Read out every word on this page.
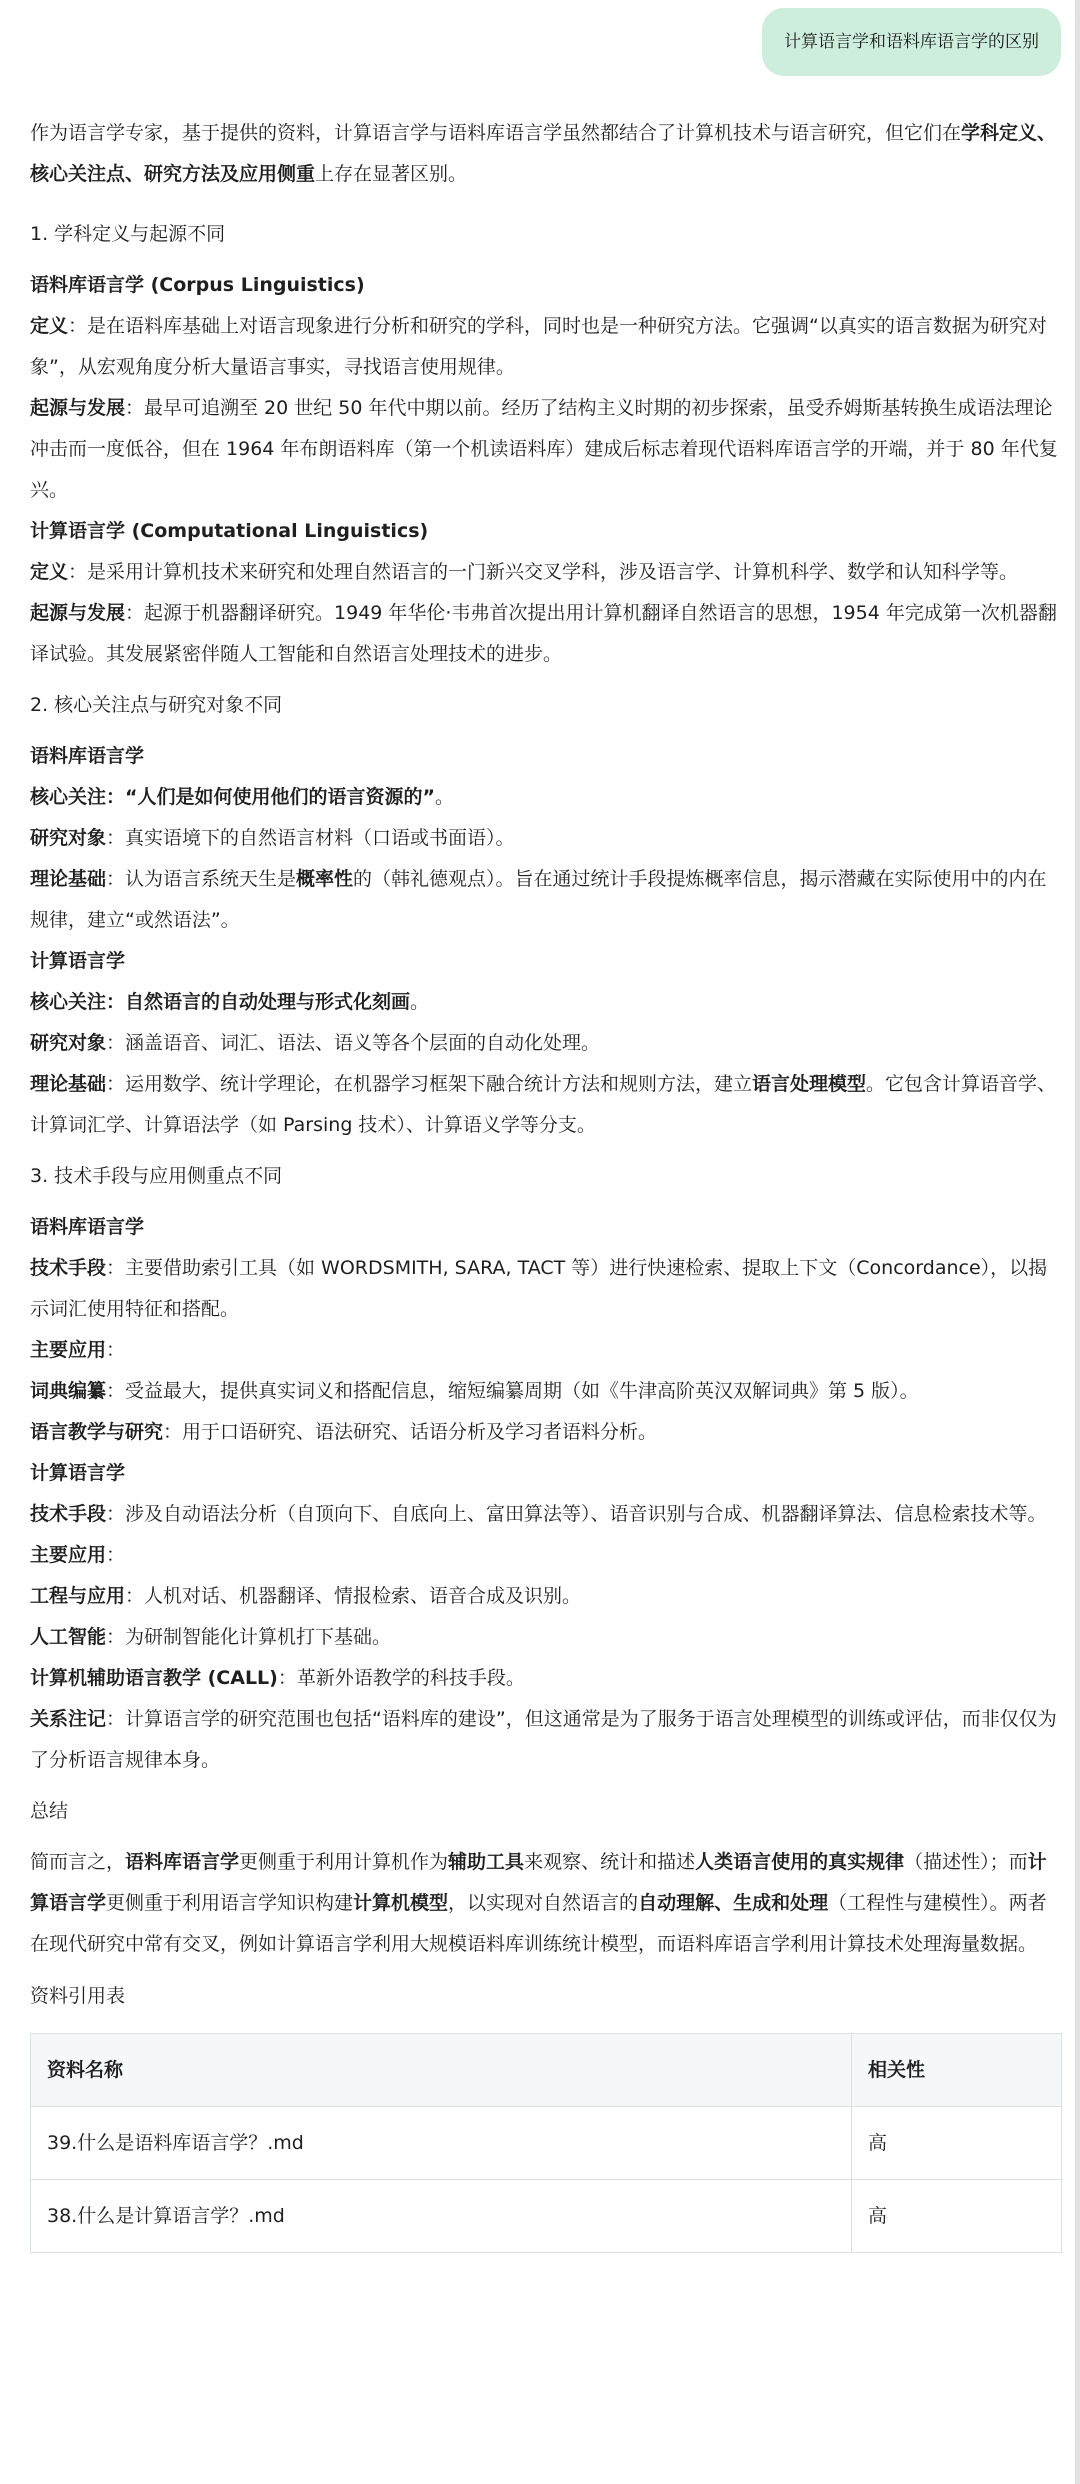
计算语言学和语料库语言学的区别

作为语言学专家，基于提供的资料，计算语言学与语料库语言学虽然都结合了计算机技术与语言研究，但它们在学科定义、核心关注点、研究方法及应用侧重上存在显著区别。

1. 学科定义与起源不同

语料库语言学 (Corpus Linguistics)

定义：是在语料库基础上对语言现象进行分析和研究的学科，同时也是一种研究方法。它强调“以真实的语言数据为研究对象”，从宏观角度分析大量语言事实，寻找语言使用规律。

起源与发展：最早可追溯至 20 世纪 50 年代中期以前。经历了结构主义时期的初步探索，虽受乔姆斯基转换生成语法理论冲击而一度低谷，但在 1964 年布朗语料库（第一个机读语料库）建成后标志着现代语料库语言学的开端，并于 80 年代复兴。

计算语言学 (Computational Linguistics)

定义：是采用计算机技术来研究和处理自然语言的一门新兴交叉学科，涉及语言学、计算机科学、数学和认知科学等。

起源与发展：起源于机器翻译研究。1949 年华伦·韦弗首次提出用计算机翻译自然语言的思想，1954 年完成第一次机器翻译试验。其发展紧密伴随人工智能和自然语言处理技术的进步。

2. 核心关注点与研究对象不同

语料库语言学

核心关注：“人们是如何使用他们的语言资源的”。

研究对象：真实语境下的自然语言材料（口语或书面语）。

理论基础：认为语言系统天生是概率性的（韩礼德观点）。旨在通过统计手段提炼概率信息，揭示潜藏在实际使用中的内在规律，建立“或然语法”。

计算语言学

核心关注：自然语言的自动处理与形式化刻画。

研究对象：涵盖语音、词汇、语法、语义等各个层面的自动化处理。

理论基础：运用数学、统计学理论，在机器学习框架下融合统计方法和规则方法，建立语言处理模型。它包含计算语音学、计算词汇学、计算语法学（如 Parsing 技术）、计算语义学等分支。

3. 技术手段与应用侧重点不同

语料库语言学

技术手段：主要借助索引工具（如 WORDSMITH, SARA, TACT 等）进行快速检索、提取上下文（Concordance），以揭示词汇使用特征和搭配。

主要应用：

词典编纂：受益最大，提供真实词义和搭配信息，缩短编纂周期（如《牛津高阶英汉双解词典》第 5 版）。

语言教学与研究：用于口语研究、语法研究、话语分析及学习者语料分析。

计算语言学

技术手段：涉及自动语法分析（自顶向下、自底向上、富田算法等）、语音识别与合成、机器翻译算法、信息检索技术等。

主要应用：

工程与应用：人机对话、机器翻译、情报检索、语音合成及识别。

人工智能：为研制智能化计算机打下基础。

计算机辅助语言教学 (CALL)：革新外语教学的科技手段。

关系注记：计算语言学的研究范围也包括“语料库的建设”，但这通常是为了服务于语言处理模型的训练或评估，而非仅仅为了分析语言规律本身。

总结

简而言之，语料库语言学更侧重于利用计算机作为辅助工具来观察、统计和描述人类语言使用的真实规律（描述性）；而计算语言学更侧重于利用语言学知识构建计算机模型，以实现对自然语言的自动理解、生成和处理（工程性与建模性）。两者在现代研究中常有交叉，例如计算语言学利用大规模语料库训练统计模型，而语料库语言学利用计算技术处理海量数据。

资料引用表

资料名称	相关性
39.什么是语料库语言学？.md	高
38.什么是计算语言学？.md	高
